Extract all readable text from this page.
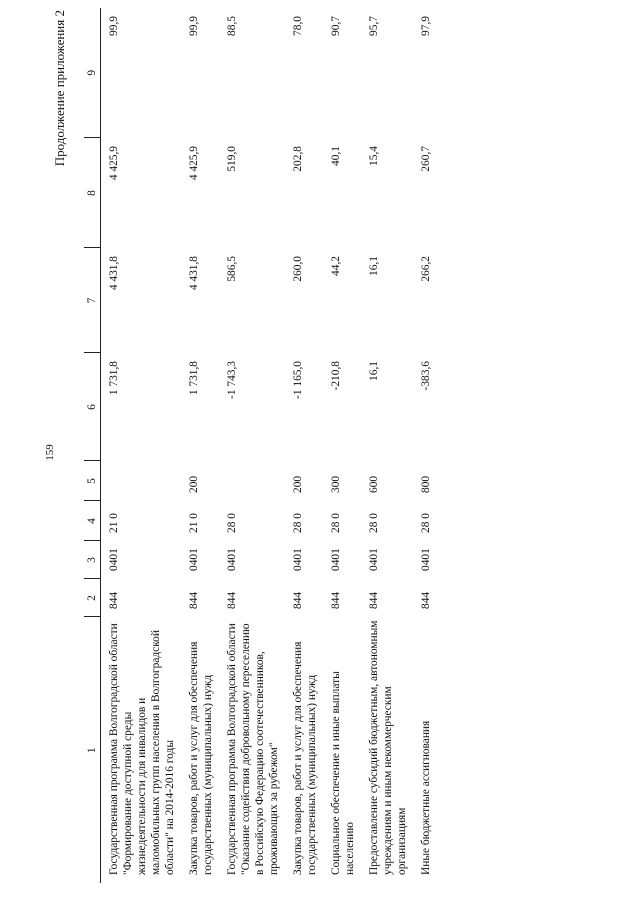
159
Продолжение приложения 2
1	2	3	4	5	6	7	8	9
Государственная программа Волгоградской области "Формирование доступной среды жизнедеятельности для инвалидов и маломобильных групп населения в Волгоградской области" на 2014-2016 годы	844	0401	21 0		1 731,8	4 431,8	4 425,9	99,9
Закупка товаров, работ и услуг для обеспечения государственных (муниципальных) нужд	844	0401	21 0	200	1 731,8	4 431,8	4 425,9	99,9
Государственная программа Волгоградской области "Оказание содействия добровольному переселению в Российскую Федерацию соотечественников, проживающих за рубежом"	844	0401	28 0		-1 743,3	586,5	519,0	88,5
Закупка товаров, работ и услуг для обеспечения государственных (муниципальных) нужд	844	0401	28 0	200	-1 165,0	260,0	202,8	78,0
Социальное обеспечение и иные выплаты населению	844	0401	28 0	300	-210,8	44,2	40,1	90,7
Предоставление субсидий бюджетным, автономным учреждениям и иным некоммерческим организациям	844	0401	28 0	600	16,1	16,1	15,4	95,7
Иные бюджетные ассигнования	844	0401	28 0	800	-383,6	266,2	260,7	97,9
